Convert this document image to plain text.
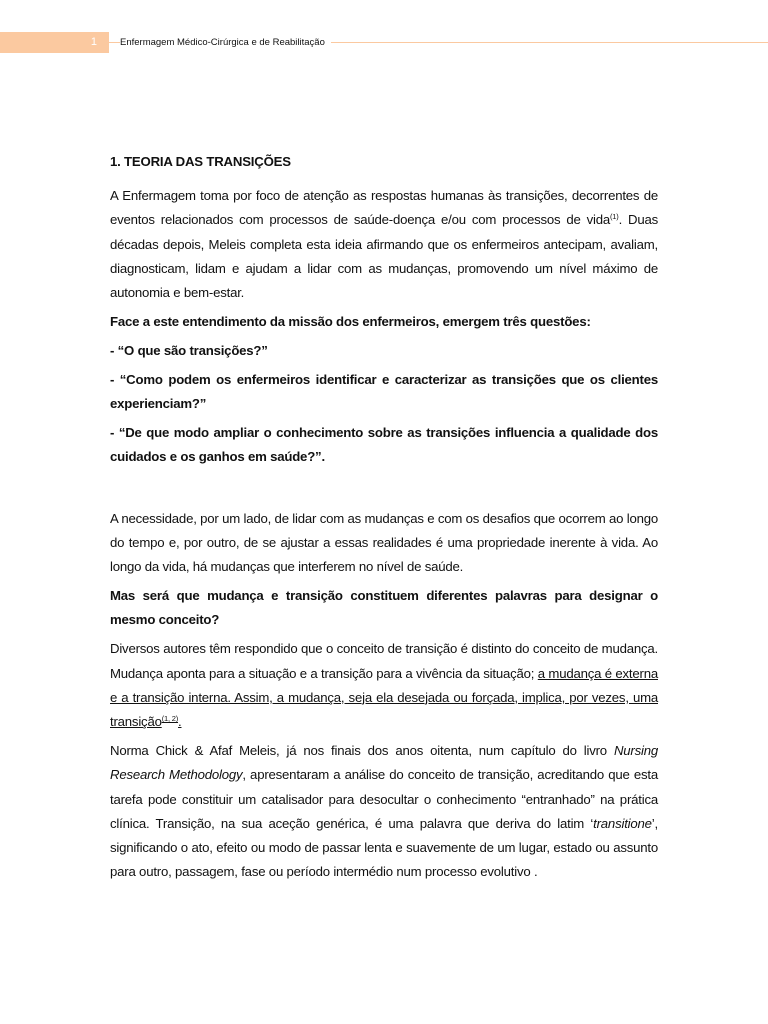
1	Enfermagem Médico-Cirúrgica e de Reabilitação
1. TEORIA DAS TRANSIÇÕES

A Enfermagem toma por foco de atenção as respostas humanas às transições, decorrentes de eventos relacionados com processos de saúde-doença e/ou com processos de vida$^{(1)}$. Duas décadas depois, Meleis completa esta ideia afirmando que os enfermeiros antecipam, avaliam, diagnosticam, lidam e ajudam a lidar com as mudanças, promovendo um nível máximo de autonomia e bem-estar.

Face a este entendimento da missão dos enfermeiros, emergem três questões:

- “O que são transições?”

- “Como podem os enfermeiros identificar e caracterizar as transições que os clientes experienciam?”

- “De que modo ampliar o conhecimento sobre as transições influencia a qualidade dos cuidados e os ganhos em saúde?”.

A necessidade, por um lado, de lidar com as mudanças e com os desafios que ocorrem ao longo do tempo e, por outro, de se ajustar a essas realidades é uma propriedade inerente à vida. Ao longo da vida, há mudanças que interferem no nível de saúde.

Mas será que mudança e transição constituem diferentes palavras para designar o mesmo conceito?

Diversos autores têm respondido que o conceito de transição é distinto do conceito de mudança. Mudança aponta para a situação e a transição para a vivência da situação; a mudança é externa e a transição interna. Assim, a mudança, seja ela desejada ou forçada, implica, por vezes, uma transição$^{(1, 2)}$.

Norma Chick & Afaf Meleis, já nos finais dos anos oitenta, num capítulo do livro Nursing Research Methodology, apresentaram a análise do conceito de transição, acreditando que esta tarefa pode constituir um catalisador para desocultar o conhecimento “entranhado” na prática clínica. Transição, na sua aceção genérica, é uma palavra que deriva do latim ‘transitione’, significando o ato, efeito ou modo de passar lenta e suavemente de um lugar, estado ou assunto para outro, passagem, fase ou período intermédio num processo evolutivo .
